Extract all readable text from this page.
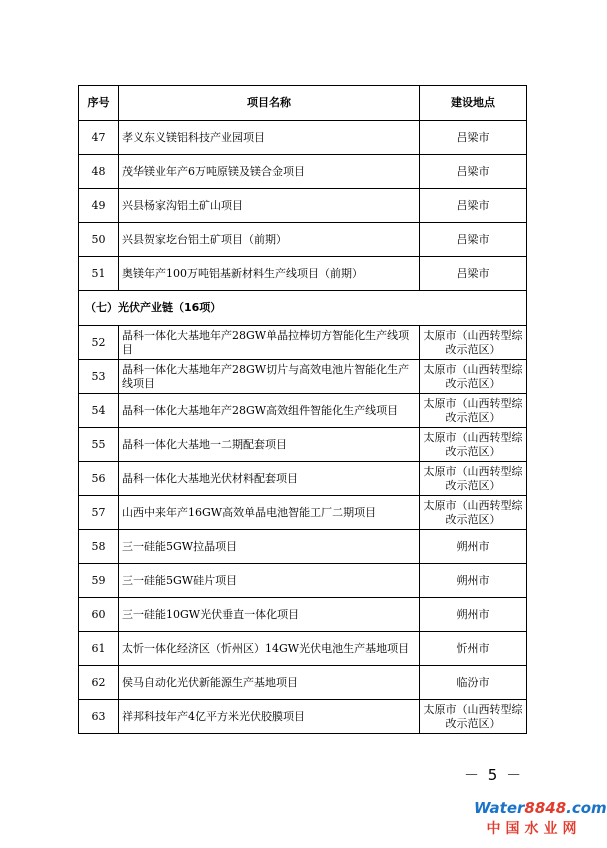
序号	项目名称	建设地点
47	孝义东义镁铝科技产业园项目	吕梁市
48	茂华镁业年产6万吨原镁及镁合金项目	吕梁市
49	兴县杨家沟铝土矿山项目	吕梁市
50	兴县贺家圪台铝土矿项目（前期）	吕梁市
51	奥镁年产100万吨铝基新材料生产线项目（前期）	吕梁市
（七）光伏产业链（16项）		
52	晶科一体化大基地年产28GW单晶拉棒切方智能化生产线项目	太原市（山西转型综改示范区）
53	晶科一体化大基地年产28GW切片与高效电池片智能化生产线项目	太原市（山西转型综改示范区）
54	晶科一体化大基地年产28GW高效组件智能化生产线项目	太原市（山西转型综改示范区）
55	晶科一体化大基地一二期配套项目	太原市（山西转型综改示范区）
56	晶科一体化大基地光伏材料配套项目	太原市（山西转型综改示范区）
57	山西中来年产16GW高效单晶电池智能工厂二期项目	太原市（山西转型综改示范区）
58	三一硅能5GW拉晶项目	朔州市
59	三一硅能5GW硅片项目	朔州市
60	三一硅能10GW光伏垂直一体化项目	朔州市
61	太忻一体化经济区（忻州区）14GW光伏电池生产基地项目	忻州市
62	侯马自动化光伏新能源生产基地项目	临汾市
63	祥邦科技年产4亿平方米光伏胶膜项目	太原市（山西转型综改示范区）
－ 5 －
Water8848.com
中国水业网
